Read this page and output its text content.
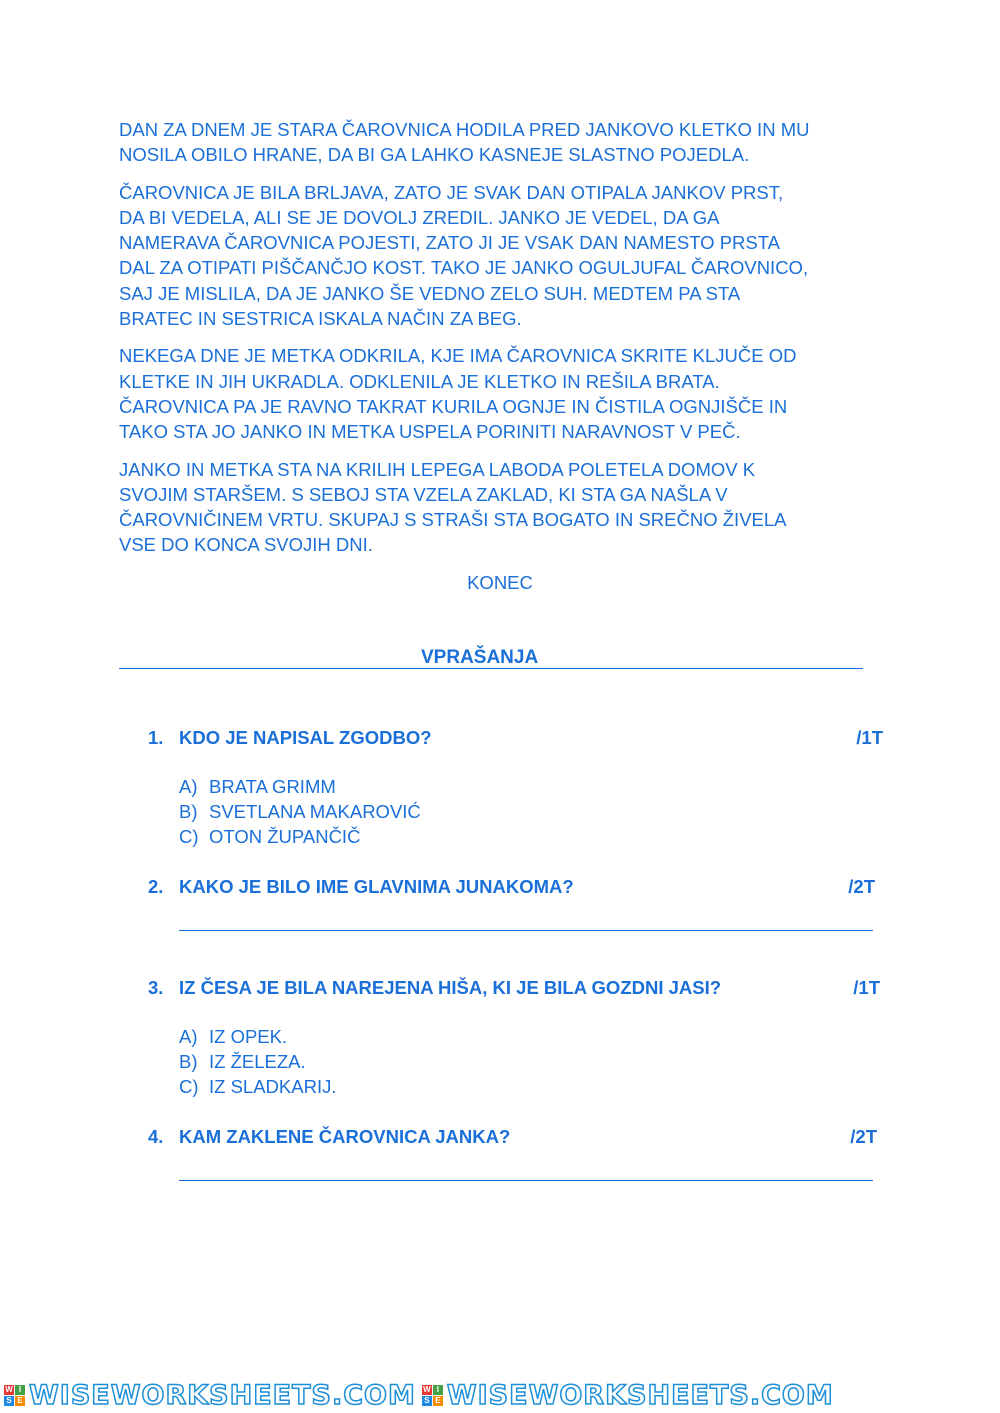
DAN ZA DNEM JE STARA ČAROVNICA HODILA PRED JANKOVO KLETKO IN MU
NOSILA OBILO HRANE, DA BI GA LAHKO KASNEJE SLASTNO POJEDLA.

ČAROVNICA JE BILA BRLJAVA, ZATO JE SVAK DAN OTIPALA JANKOV PRST,
DA BI VEDELA, ALI SE JE DOVOLJ ZREDIL. JANKO JE VEDEL, DA GA
NAMERAVA ČAROVNICA POJESTI, ZATO JI JE VSAK DAN NAMESTO PRSTA
DAL ZA OTIPATI PIŠČANČJO KOST. TAKO JE JANKO OGULJUFAL ČAROVNICO,
SAJ JE MISLILA, DA JE JANKO ŠE VEDNO ZELO SUH. MEDTEM PA STA
BRATEC IN SESTRICA ISKALA NAČIN ZA BEG.

NEKEGA DNE JE METKA ODKRILA, KJE IMA ČAROVNICA SKRITE KLJUČE OD
KLETKE IN JIH UKRADLA. ODKLENILA JE KLETKO IN REŠILA BRATA.
ČAROVNICA PA JE RAVNO TAKRAT KURILA OGNJE IN ČISTILA OGNJIŠČE IN
TAKO STA JO JANKO IN METKA USPELA PORINITI NARAVNOST V PEČ.

JANKO IN METKA STA NA KRILIH LEPEGA LABODA POLETELA DOMOV K
SVOJIM STARŠEM. S SEBOJ STA VZELA ZAKLAD, KI STA GA NAŠLA V
ČAROVNIČINEM VRTU. SKUPAJ S STRAŠI STA BOGATO IN SREČNO ŽIVELA
VSE DO KONCA SVOJIH DNI.

KONEC
VPRAŠANJA
1. KDO JE NAPISAL ZGODBO?	/1T
A) BRATA GRIMM
B) SVETLANA MAKAROVIĆ
C) OTON ŽUPANČIČ
2. KAKO JE BILO IME GLAVNIMA JUNAKOMA?	/2T
3. IZ ČESA JE BILA NAREJENA HIŠA, KI JE BILA GOZDNI JASI?	/1T
A) IZ OPEK.
B) IZ ŽELEZA.
C) IZ SLADKARIJ.
4. KAM ZAKLENE ČAROVNICA JANKA?	/2T
W I
S E WISEWORKSHEETS.COM W I
S E WISEWORKSHEETS.COM
